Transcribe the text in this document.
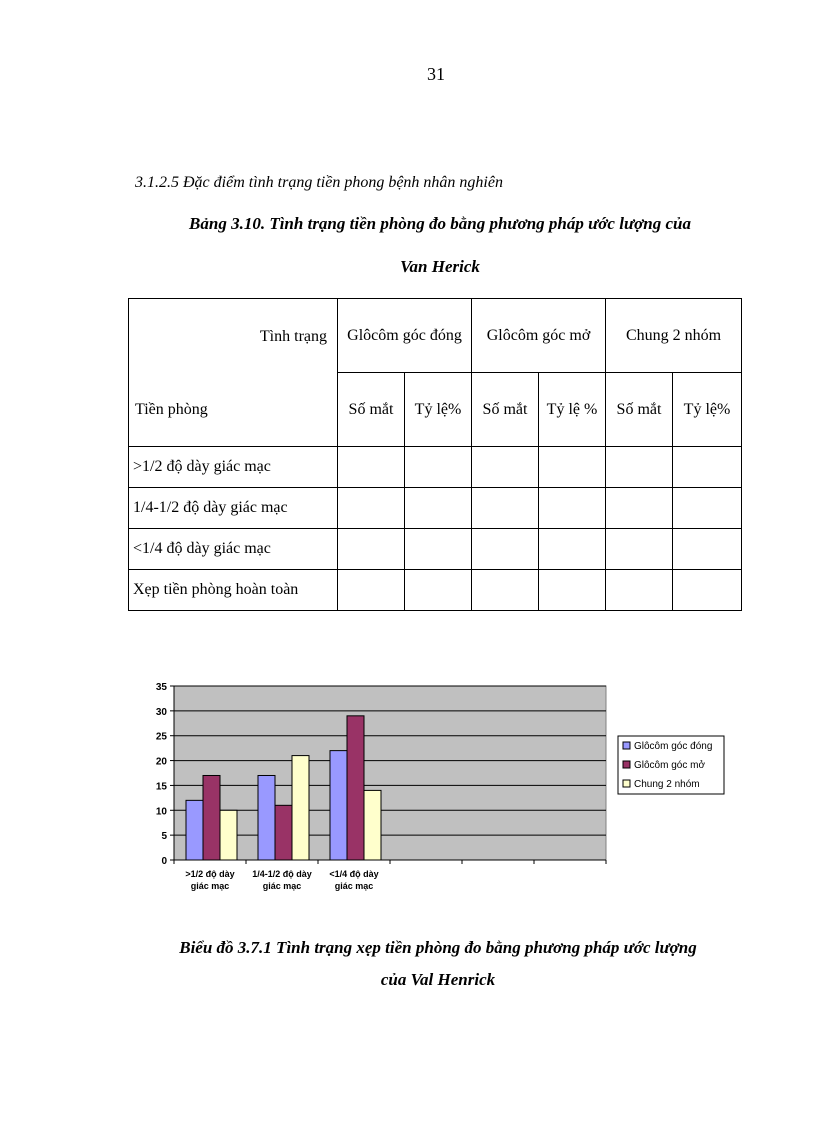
31
3.1.2.5 Đặc điểm tình trạng tiền phong bệnh nhân nghiên
Bảng 3.10. Tình trạng tiền phòng đo bằng phương pháp ước lượng của
Van Herick
Tình trạng
Tiền phòng	Glôcôm góc đóng		Glôcôm góc mở		Chung 2 nhóm	
	Số mắt	Tỷ lệ%	Số mắt	Tỷ lệ %	Số mắt	Tỷ lệ%
>1/2 độ dày giác mạc						
1/4-1/2 độ dày giác mạc						
<1/4 độ dày giác mạc						
Xẹp tiền phòng hoàn toàn						
0
5
10
15
20
25
30
35
>1/2 độ dày giác mạc
1/4-1/2 độ dày giác mạc
<1/4 độ dày giác mạc
Glôcôm góc đóng
Glôcôm góc mở
Chung 2 nhóm
Biểu đồ 3.7.1 Tình trạng xẹp tiền phòng đo bằng phương pháp ước lượng
của Val Henrick
